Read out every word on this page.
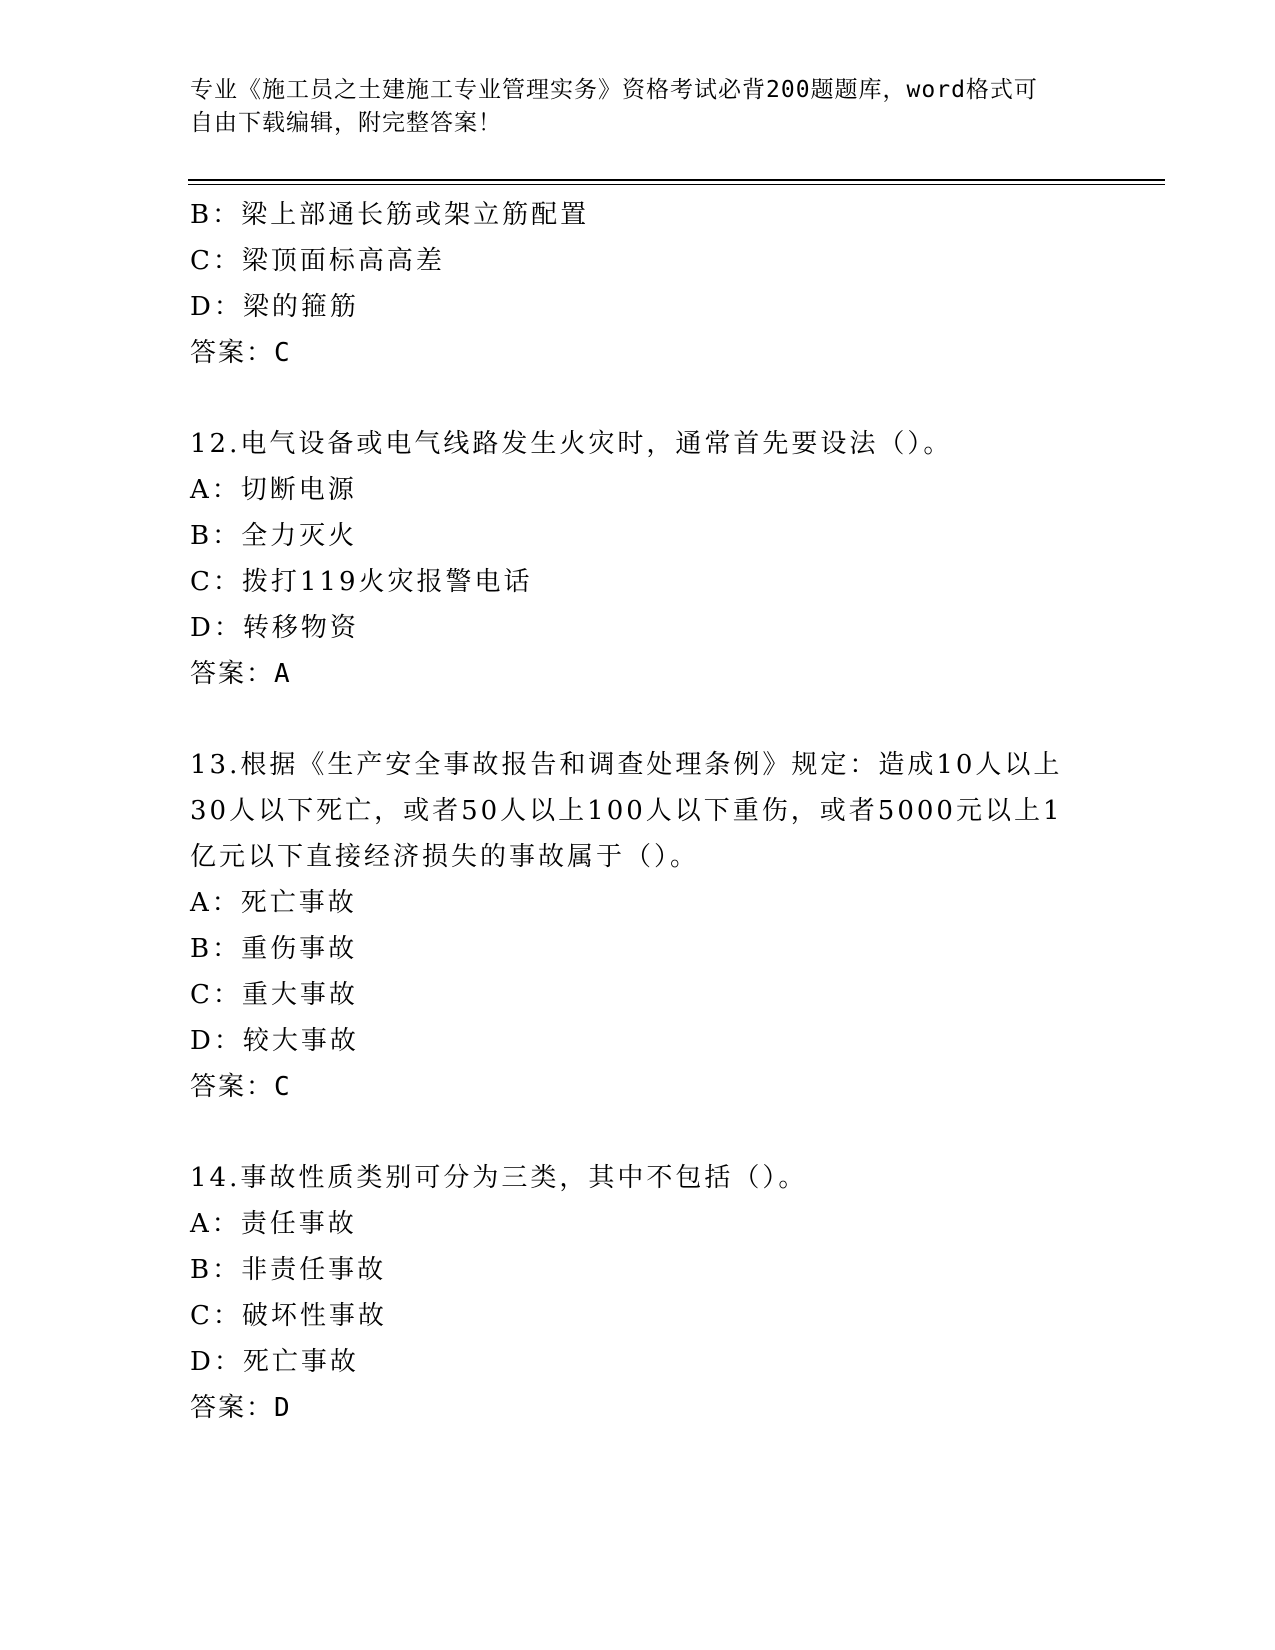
专业《施工员之土建施工专业管理实务》资格考试必背200题题库，word格式可
自由下载编辑，附完整答案！
B：梁上部通长筋或架立筋配置
C：梁顶面标高高差
D：梁的箍筋
答案：C
12.电气设备或电气线路发生火灾时，通常首先要设法（）。
A：切断电源
B：全力灭火
C：拨打119火灾报警电话
D：转移物资
答案：A
13.根据《生产安全事故报告和调查处理条例》规定：造成10人以上
30人以下死亡，或者50人以上100人以下重伤，或者5000元以上1
亿元以下直接经济损失的事故属于（）。
A：死亡事故
B：重伤事故
C：重大事故
D：较大事故
答案：C
14.事故性质类别可分为三类，其中不包括（）。
A：责任事故
B：非责任事故
C：破坏性事故
D：死亡事故
答案：D
